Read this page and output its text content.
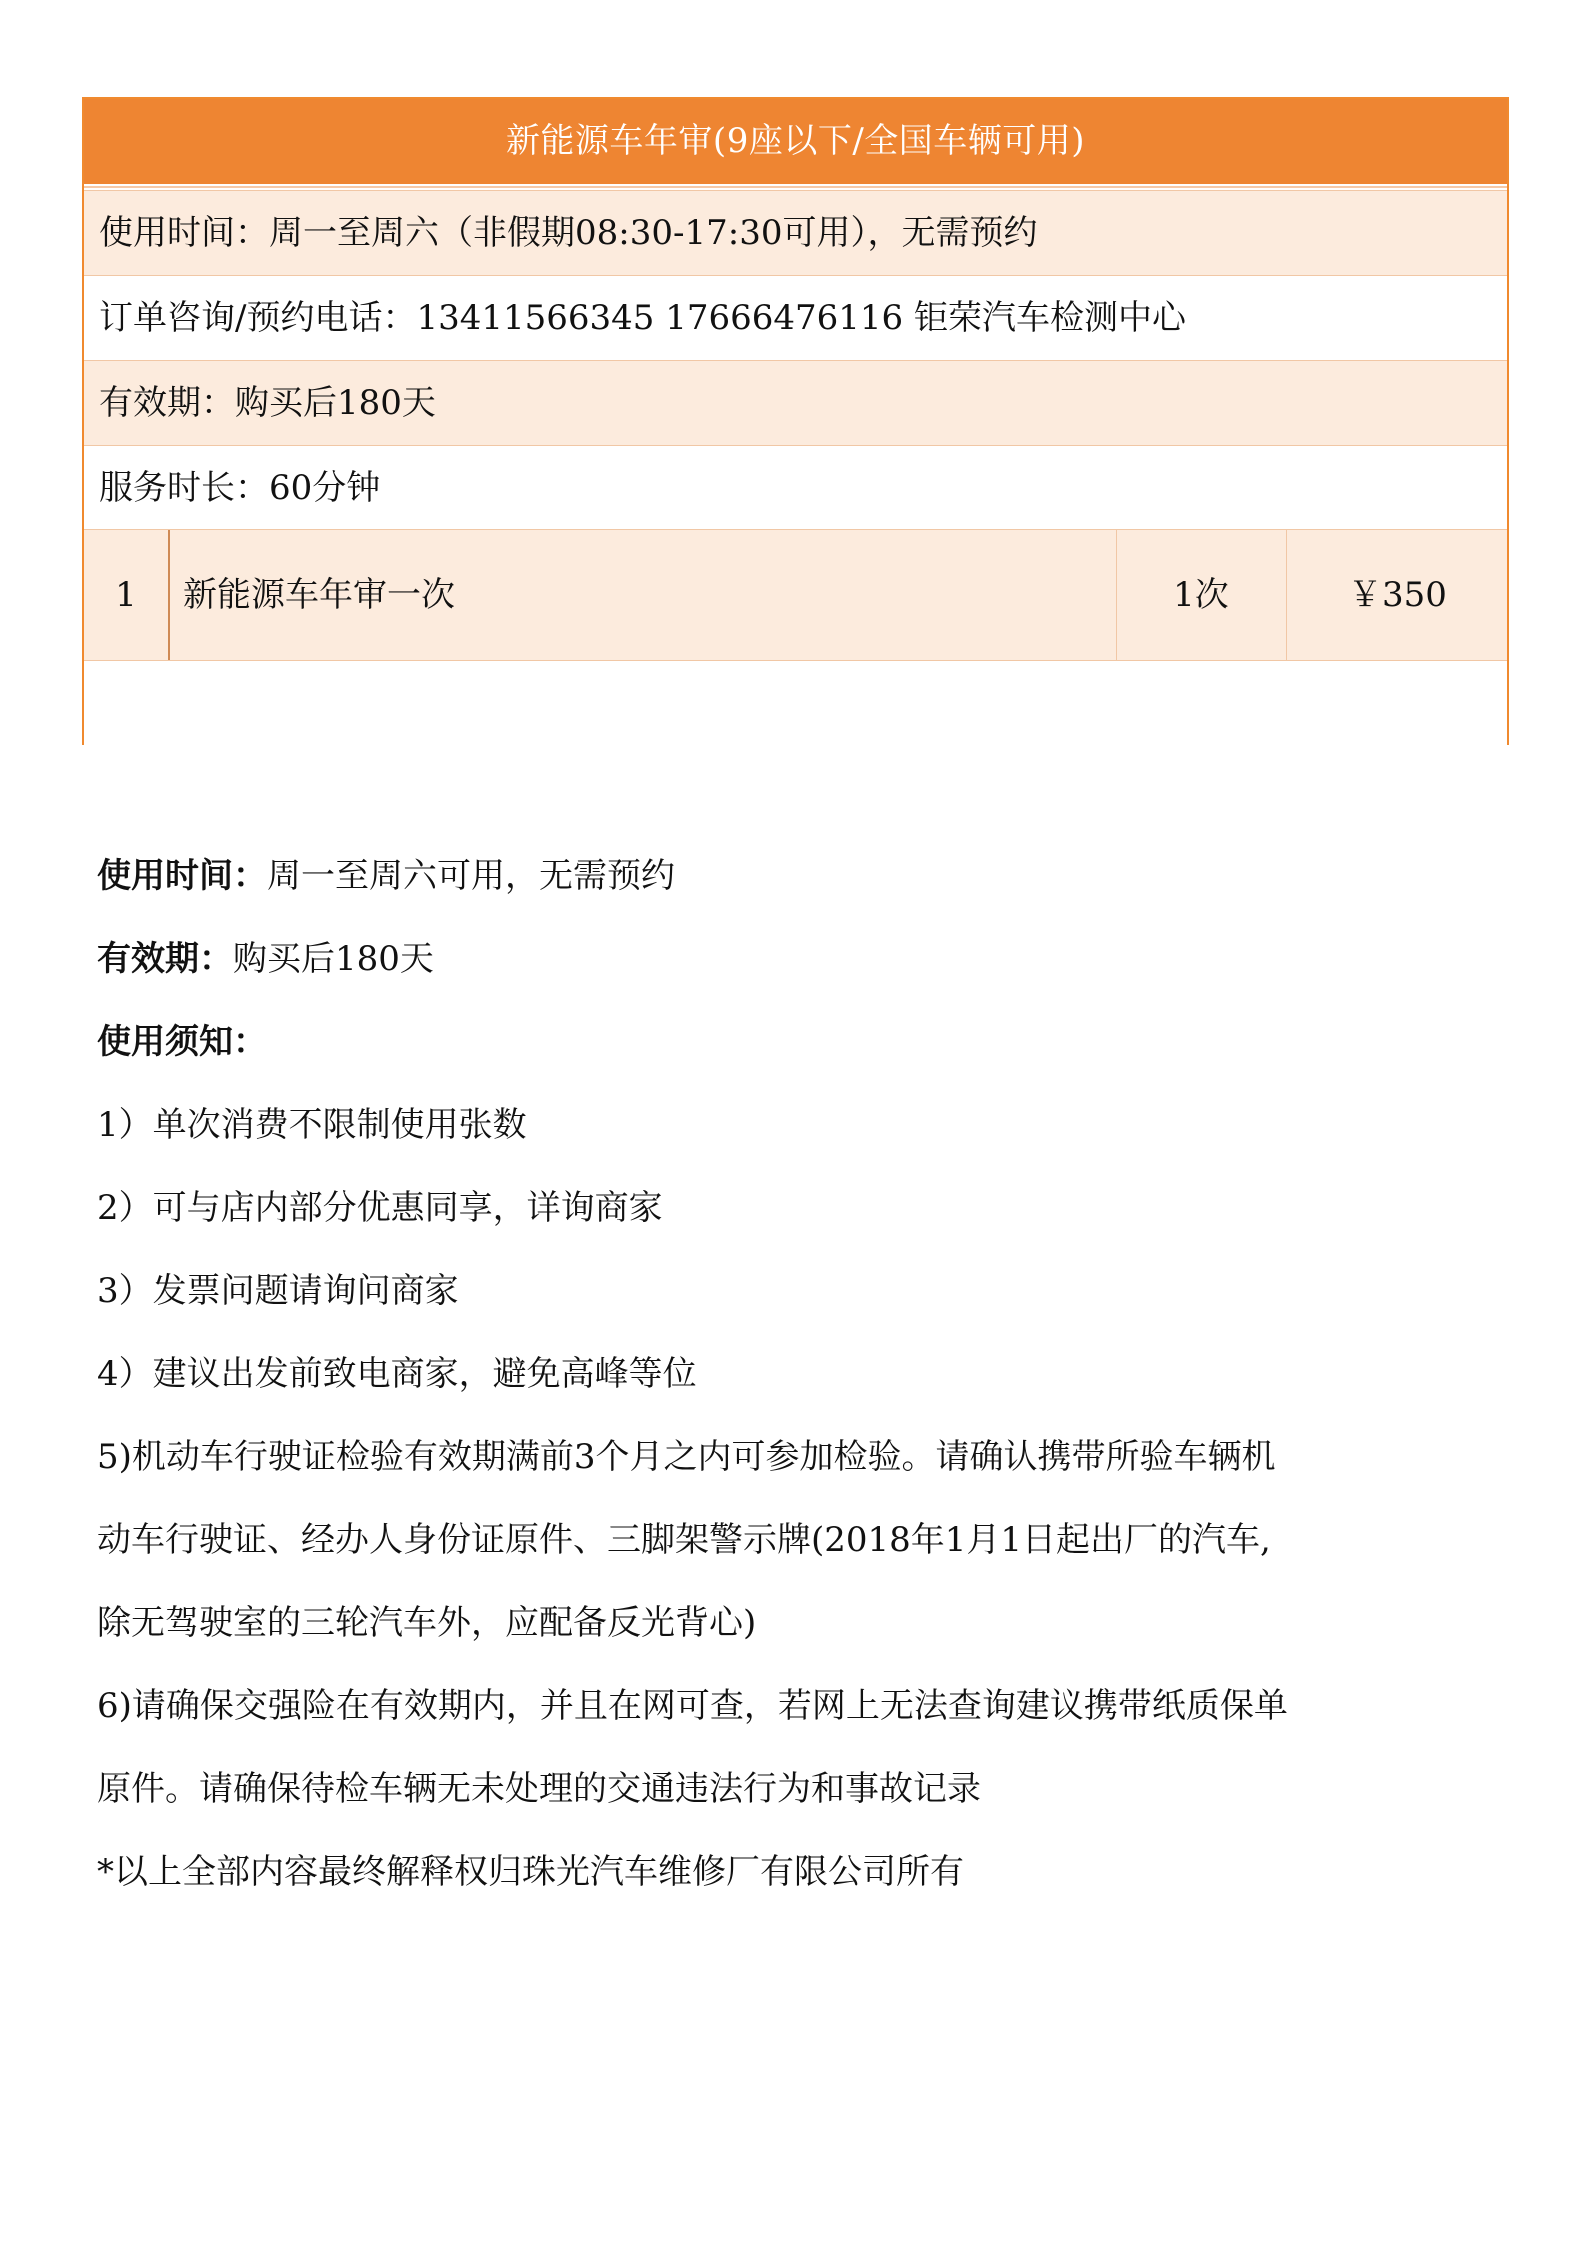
新能源车年审(9座以下/全国车辆可用)
使用时间：周一至周六（非假期08:30-17:30可用），无需预约
订单咨询/预约电话：13411566345 17666476116 钜荣汽车检测中心
有效期：购买后180天
服务时长：60分钟
1	新能源车年审一次	1次	￥350
使用时间：周一至周六可用，无需预约
有效期：购买后180天
使用须知：
1）单次消费不限制使用张数
2）可与店内部分优惠同享，详询商家
3）发票问题请询问商家
4）建议出发前致电商家，避免高峰等位
5)机动车行驶证检验有效期满前3个月之内可参加检验。请确认携带所验车辆机
动车行驶证、经办人身份证原件、三脚架警示牌(2018年1月1日起出厂的汽车,
除无驾驶室的三轮汽车外，应配备反光背心)
6)请确保交强险在有效期内，并且在网可查，若网上无法查询建议携带纸质保单
原件。请确保待检车辆无未处理的交通违法行为和事故记录
*以上全部内容最终解释权归珠光汽车维修厂有限公司所有
